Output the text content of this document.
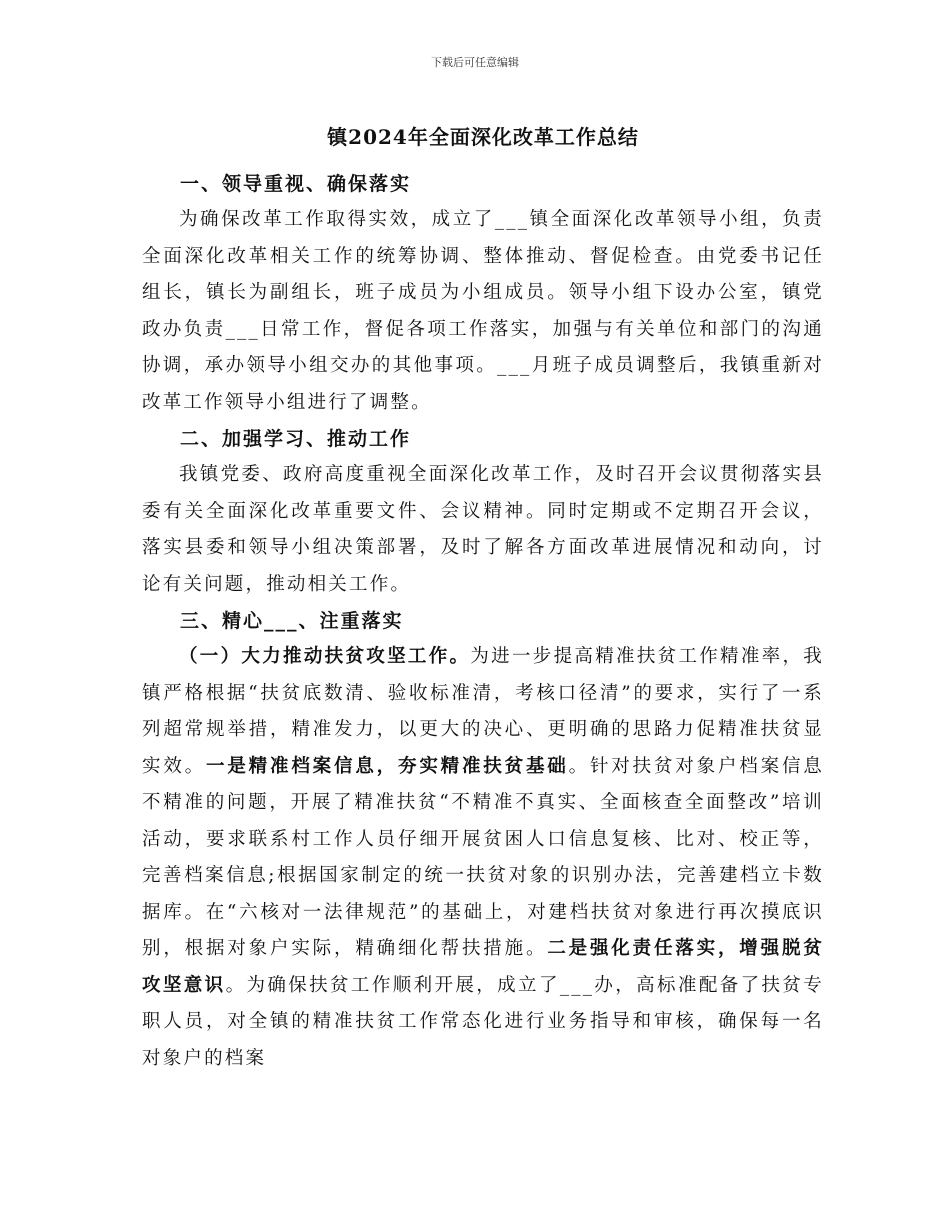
下载后可任意编辑
镇2024年全面深化改革工作总结
一、领导重视、确保落实

为确保改革工作取得实效，成立了___镇全面深化改革领导小组，负责全面深化改革相关工作的统筹协调、整体推动、督促检查。由党委书记任组长，镇长为副组长，班子成员为小组成员。领导小组下设办公室，镇党政办负责___日常工作，督促各项工作落实，加强与有关单位和部门的沟通协调，承办领导小组交办的其他事项。___月班子成员调整后，我镇重新对改革工作领导小组进行了调整。

二、加强学习、推动工作

我镇党委、政府高度重视全面深化改革工作，及时召开会议贯彻落实县委有关全面深化改革重要文件、会议精神。同时定期或不定期召开会议，落实县委和领导小组决策部署，及时了解各方面改革进展情况和动向，讨论有关问题，推动相关工作。

三、精心___、注重落实

（一）大力推动扶贫攻坚工作。为进一步提高精准扶贫工作精准率，我镇严格根据“扶贫底数清、验收标准清，考核口径清”的要求，实行了一系列超常规举措，精准发力，以更大的决心、更明确的思路力促精准扶贫显实效。一是精准档案信息，夯实精准扶贫基础。针对扶贫对象户档案信息不精准的问题，开展了精准扶贫“不精准不真实、全面核查全面整改”培训活动，要求联系村工作人员仔细开展贫困人口信息复核、比对、校正等，完善档案信息;根据国家制定的统一扶贫对象的识别办法，完善建档立卡数据库。在“六核对一法律规范”的基础上，对建档扶贫对象进行再次摸底识别，根据对象户实际，精确细化帮扶措施。二是强化责任落实，增强脱贫攻坚意识。为确保扶贫工作顺利开展，成立了___办，高标准配备了扶贫专职人员，对全镇的精准扶贫工作常态化进行业务指导和审核，确保每一名对象户的档案
